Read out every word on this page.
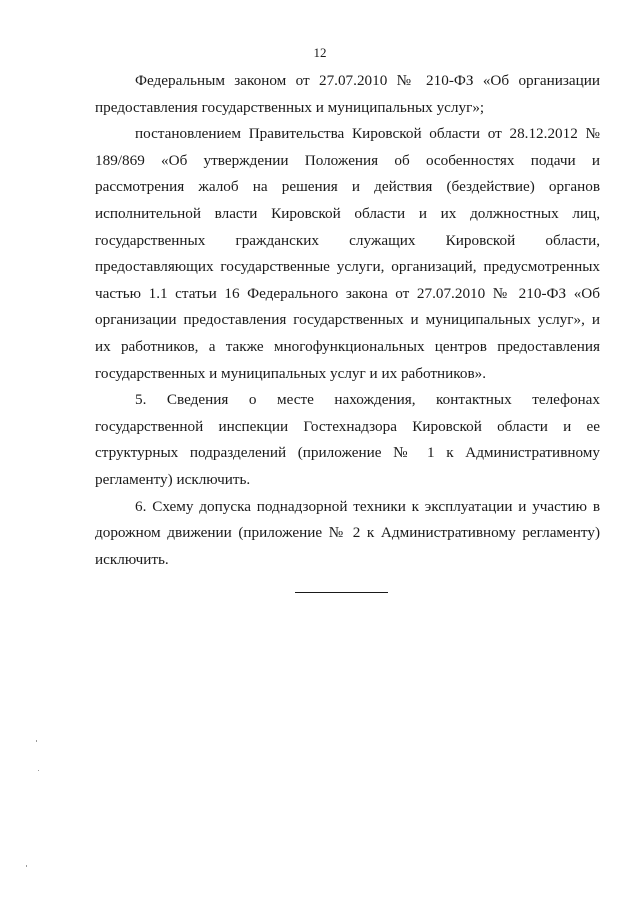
12

Федеральным законом от 27.07.2010 № 210-ФЗ «Об организации предоставления государственных и муниципальных услуг»;

постановлением Правительства Кировской области от 28.12.2012 № 189/869 «Об утверждении Положения об особенностях подачи и рассмотрения жалоб на решения и действия (бездействие) органов исполнительной власти Кировской области и их должностных лиц, государственных гражданских служащих Кировской области, предоставляющих государственные услуги, организаций, предусмотренных частью 1.1 статьи 16 Федерального закона от 27.07.2010 № 210-ФЗ «Об организации предоставления государственных и муниципальных услуг», и их работников, а также многофункциональных центров предоставления государственных и муниципальных услуг и их работников».

5. Сведения о месте нахождения, контактных телефонах государственной инспекции Гостехнадзора Кировской области и ее структурных подразделений (приложение № 1 к Административному регламенту) исключить.

6. Схему допуска поднадзорной техники к эксплуатации и участию в дорожном движении (приложение № 2 к Административному регламенту) исключить.
